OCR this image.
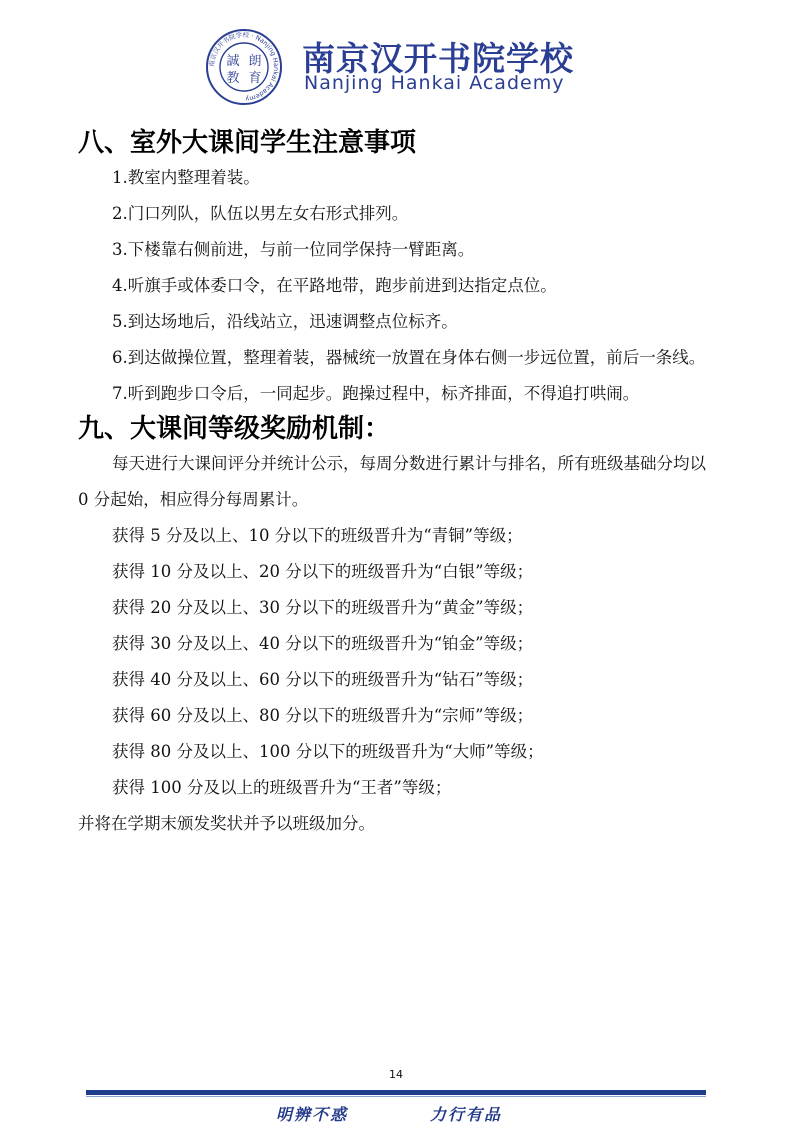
南京汉开书院学校 · Nanjing Hankai Academy
誠 朗
教 育
南京汉开书院学校
Nanjing Hankai Academy
八、室外大课间学生注意事项

1.教室内整理着装。

2.门口列队，队伍以男左女右形式排列。

3.下楼靠右侧前进，与前一位同学保持一臂距离。

4.听旗手或体委口令，在平路地带，跑步前进到达指定点位。

5.到达场地后，沿线站立，迅速调整点位标齐。

6.到达做操位置，整理着装，器械统一放置在身体右侧一步远位置，前后一条线。

7.听到跑步口令后，一同起步。跑操过程中，标齐排面，不得追打哄闹。

九、大课间等级奖励机制：

每天进行大课间评分并统计公示，每周分数进行累计与排名，所有班级基础分均以 0 分起始，相应得分每周累计。

获得 5 分及以上、10 分以下的班级晋升为“青铜”等级；

获得 10 分及以上、20 分以下的班级晋升为“白银”等级；

获得 20 分及以上、30 分以下的班级晋升为“黄金”等级；

获得 30 分及以上、40 分以下的班级晋升为“铂金”等级；

获得 40 分及以上、60 分以下的班级晋升为“钻石”等级；

获得 60 分及以上、80 分以下的班级晋升为“宗师”等级；

获得 80 分及以上、100 分以下的班级晋升为“大师”等级；

获得 100 分及以上的班级晋升为“王者”等级；

并将在学期末颁发奖状并予以班级加分。

14
明辨不惑	力行有品
